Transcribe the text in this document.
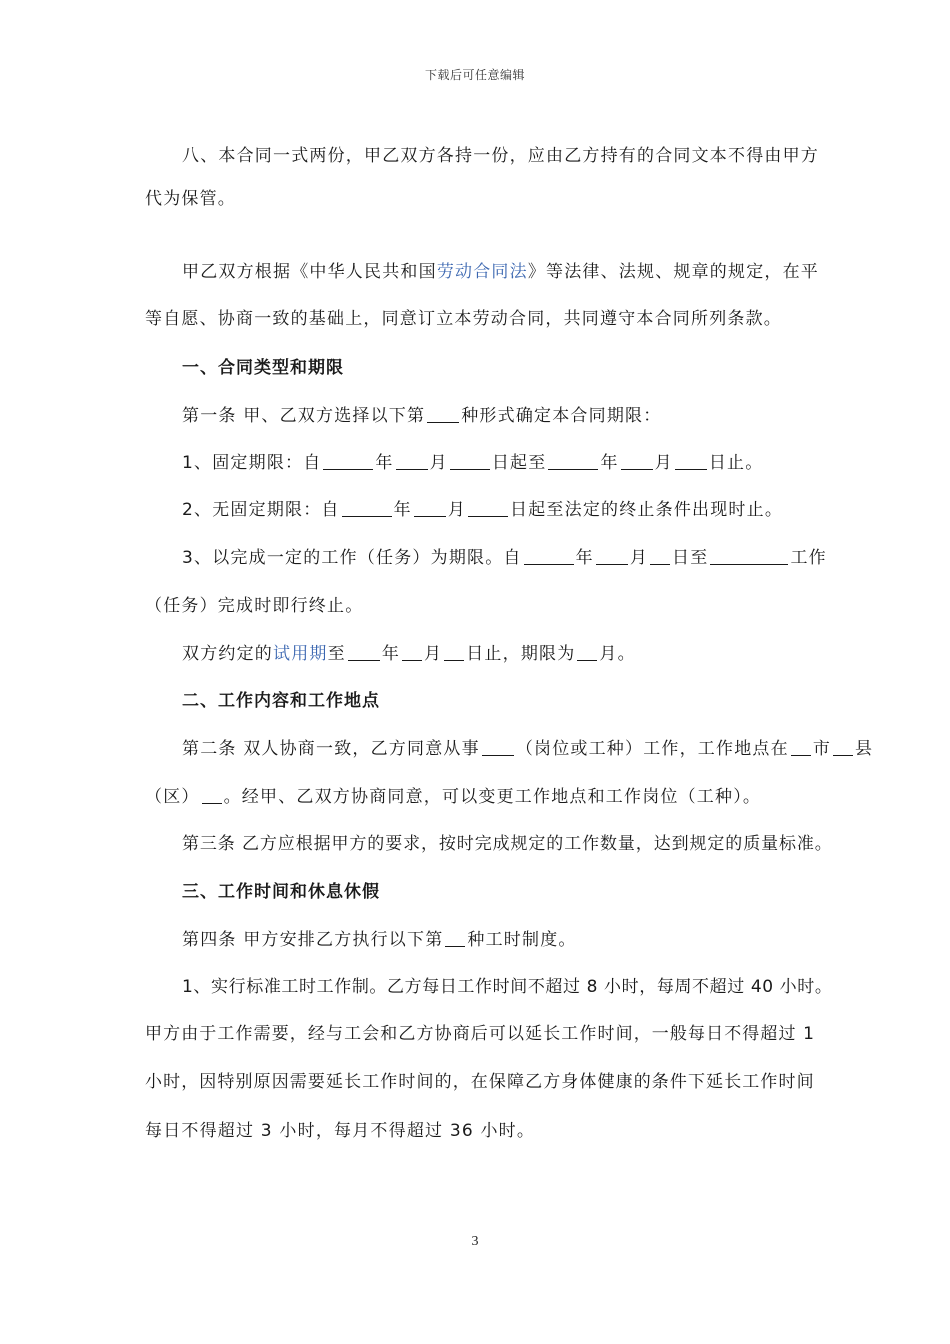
下载后可任意编辑
八、本合同一式两份，甲乙双方各持一份，应由乙方持有的合同文本不得由甲方
代为保管。
甲乙双方根据《中华人民共和国劳动合同法》等法律、法规、规章的规定，在平
等自愿、协商一致的基础上，同意订立本劳动合同，共同遵守本合同所列条款。
一、合同类型和期限
第一条 甲、乙双方选择以下第 种形式确定本合同期限：
1、固定期限：自	年 月	日起至	年 月 日止。
2、无固定期限：自	年 月	日起至法定的终止条件出现时止。
3、以完成一定的工作（任务）为期限。自	年 月 日至	工作
（任务）完成时即行终止。
双方约定的试用期至 年 月 日止，期限为 月。
二、工作内容和工作地点
第二条 双人协商一致，乙方同意从事 （岗位或工种）工作，工作地点在 市 县
（区） 。经甲、乙双方协商同意，可以变更工作地点和工作岗位（工种）。
第三条 乙方应根据甲方的要求，按时完成规定的工作数量，达到规定的质量标准。
三、工作时间和休息休假
第四条 甲方安排乙方执行以下第 种工时制度。
1、实行标准工时工作制。乙方每日工作时间不超过 8 小时，每周不超过 40 小时。
甲方由于工作需要，经与工会和乙方协商后可以延长工作时间，一般每日不得超过 1
小时，因特别原因需要延长工作时间的，在保障乙方身体健康的条件下延长工作时间
每日不得超过 3 小时，每月不得超过 36 小时。
3
